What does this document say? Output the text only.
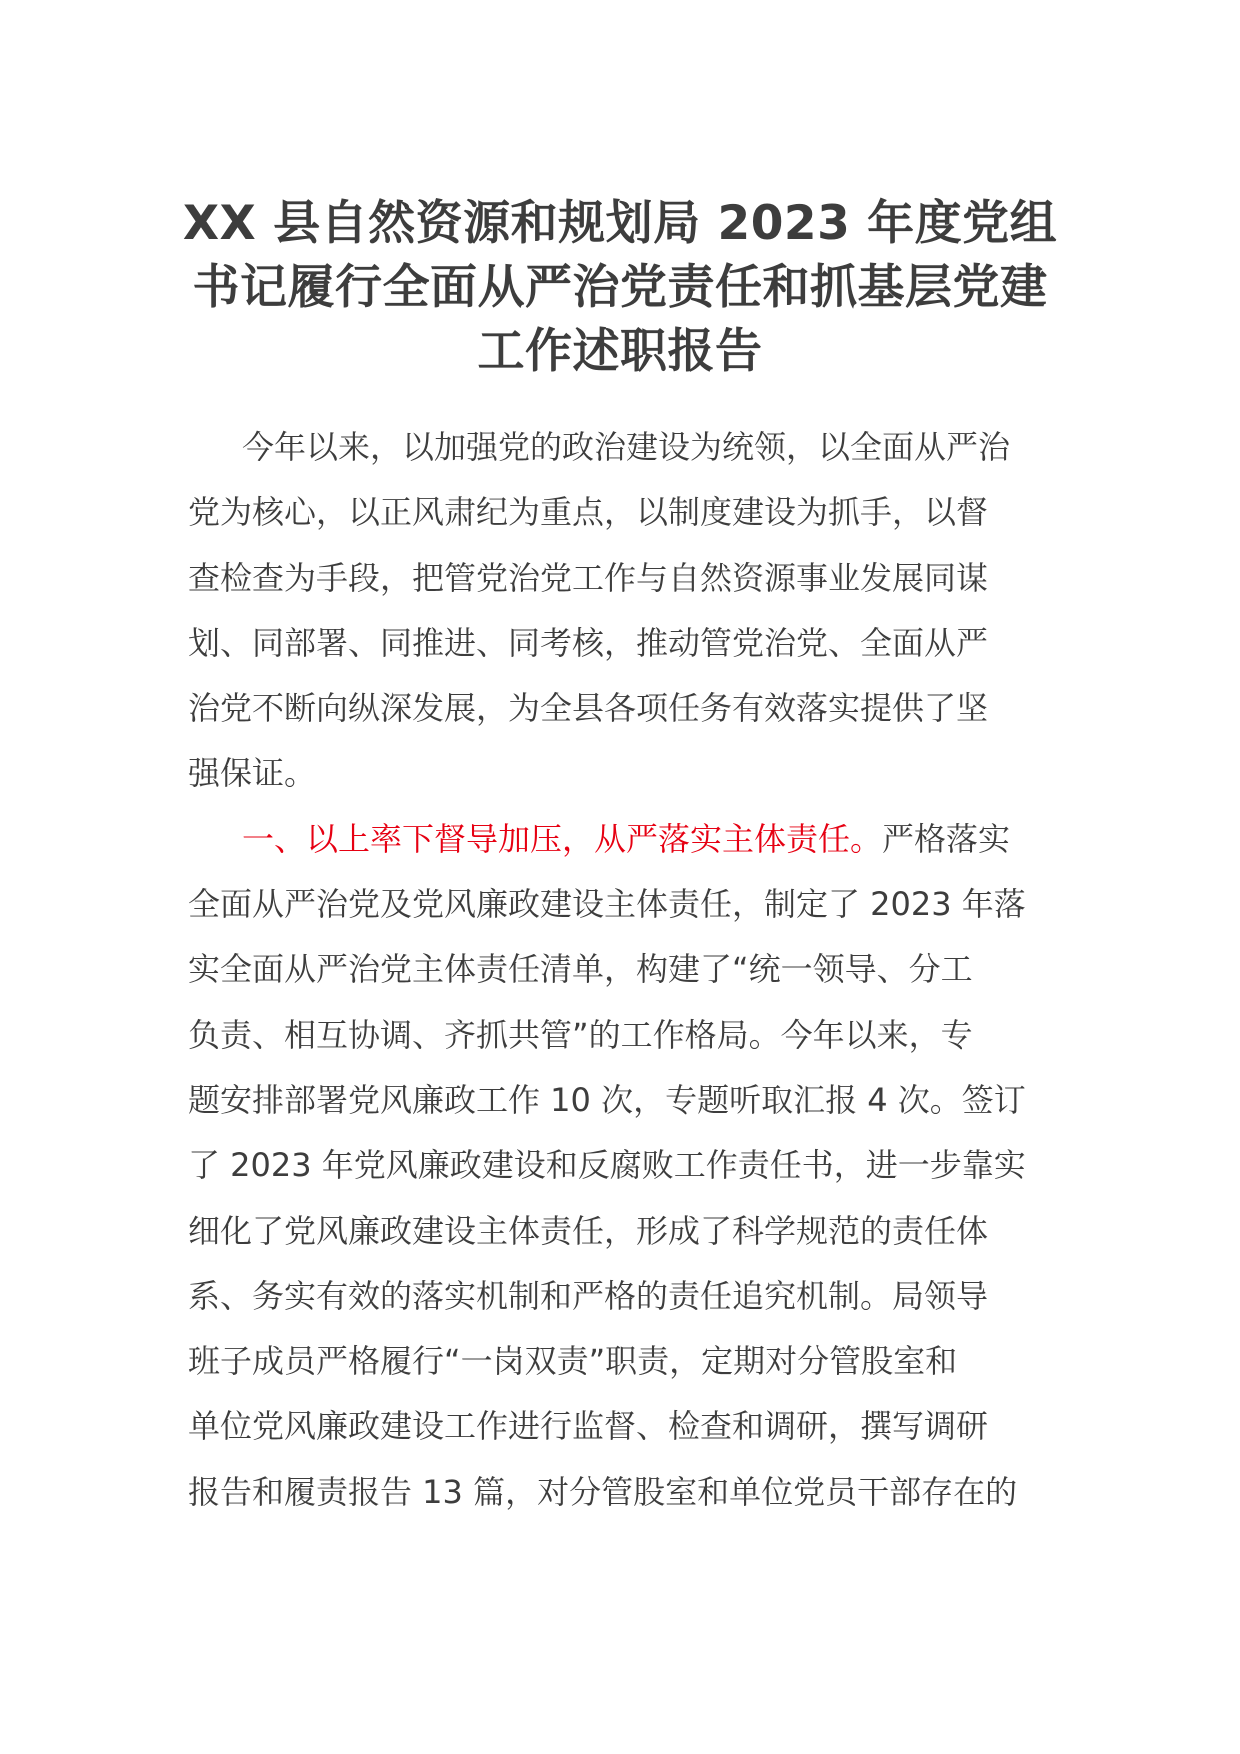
XX 县自然资源和规划局 2023 年度党组
书记履行全面从严治党责任和抓基层党建
工作述职报告
今年以来，以加强党的政治建设为统领，以全面从严治
党为核心，以正风肃纪为重点，以制度建设为抓手，以督
查检查为手段，把管党治党工作与自然资源事业发展同谋
划、同部署、同推进、同考核，推动管党治党、全面从严
治党不断向纵深发展，为全县各项任务有效落实提供了坚
强保证。
一、以上率下督导加压，从严落实主体责任。严格落实
全面从严治党及党风廉政建设主体责任，制定了 2023 年落
实全面从严治党主体责任清单，构建了“统一领导、分工
负责、相互协调、齐抓共管”的工作格局。今年以来，专
题安排部署党风廉政工作 10 次，专题听取汇报 4 次。签订
了 2023 年党风廉政建设和反腐败工作责任书，进一步靠实
细化了党风廉政建设主体责任，形成了科学规范的责任体
系、务实有效的落实机制和严格的责任追究机制。局领导
班子成员严格履行“一岗双责”职责，定期对分管股室和
单位党风廉政建设工作进行监督、检查和调研，撰写调研
报告和履责报告 13 篇，对分管股室和单位党员干部存在的
